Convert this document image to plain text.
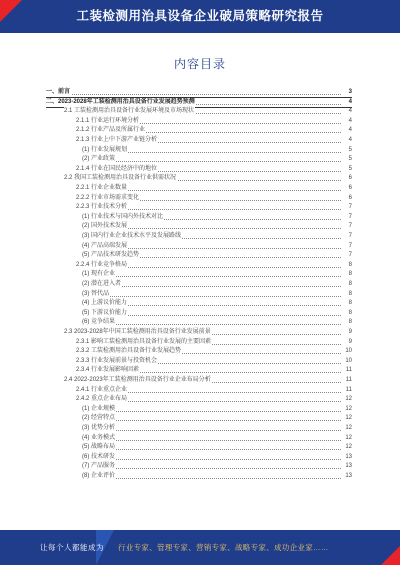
工装检测用治具设备企业破局策略研究报告
内容目录
一、前言	3
二、2023-2028年工装检测用治具设备行业发展趋势预测	4
2.1 工装检测用治具设备行业发展环境及市场现状	4
2.1.1 行业运行环境分析	4
2.1.2 行业产品及所属行业	4
2.1.3 行业上中下游产业链分析	4
(1) 行业发展规划	5
(2) 产业政策	5
2.1.4 行业在国民经济中的地位	5
2.2 我国工装检测用治具设备行业供需状况	6
2.2.1 行业企业数量	6
2.2.2 行业市场需求变化	6
2.2.3 行业技术分析	7
(1) 行业技术与国内外技术对比	7
(2) 国外技术发展	7
(3) 国内行业企业技术水平及发展路线	7
(4) 产品高端发展	7
(5) 产品技术研发趋势	7
2.2.4 行业竞争格局	8
(1) 现有企业	8
(2) 潜在进入者	8
(3) 替代品	8
(4) 上游议价能力	8
(5) 下游议价能力	8
(6) 竞争结果	8
2.3 2023-2028年中国工装检测用治具设备行业发展前景	9
2.3.1 影响工装检测用治具设备行业发展的主要因素	9
2.3.2 工装检测用治具设备行业发展趋势	10
2.3.3 行业发展前景与投资机会	10
2.3.4 行业发展影响因素	11
2.4 2022-2023年工装检测用治具设备行业企业布局分析	11
2.4.1 行业重点企业	11
2.4.2 重点企业布局	12
(1) 企业规模	12
(2) 经营特点	12
(3) 优势分析	12
(4) 业务模式	12
(5) 战略布局	12
(6) 技术研发	13
(7) 产品服务	13
(8) 企业评价	13
让每个人都能成为 行业专家、管理专家、营销专家、战略专家、成功企业家……
